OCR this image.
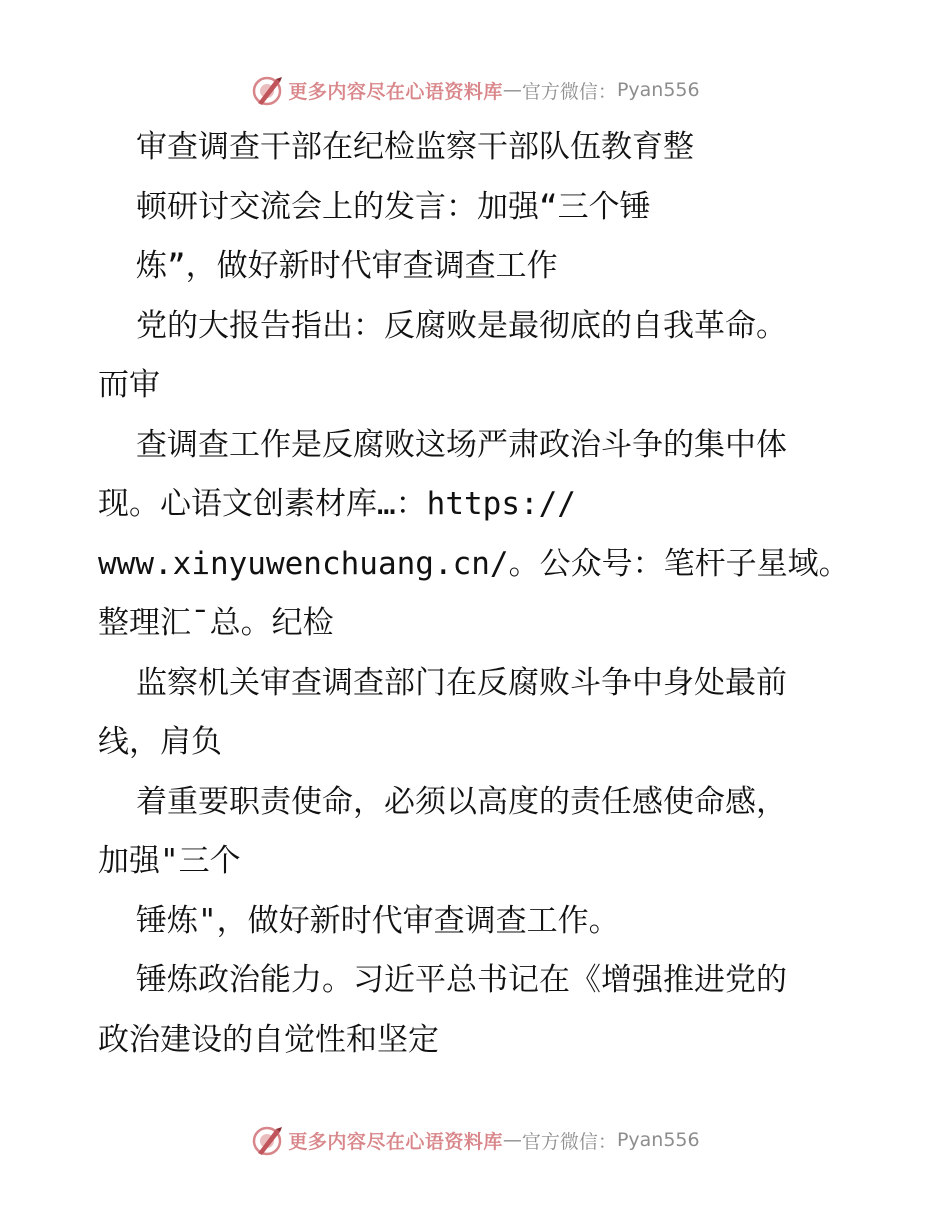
更多内容尽在心语资料库 — 官方微信： Pyan556
审查调查干部在纪检监察干部队伍教育整
顿研讨交流会上的发言：加强“三个锤
炼”，做好新时代审查调查工作
党的大报告指出：反腐败是最彻底的自我革命。
而审
查调查工作是反腐败这场严肃政治斗争的集中体
现。心语文创素材库…：https://
www.xinyuwenchuang.cn/。公众号：笔杆子星域。
整理汇¯总。纪检
监察机关审查调查部门在反腐败斗争中身处最前
线，肩负
着重要职责使命，必须以高度的责任感使命感，
加强"三个
锤炼"，做好新时代审查调查工作。
锤炼政治能力。习近平总书记在《增强推进党的
政治建设的自觉性和坚定
更多内容尽在心语资料库 — 官方微信： Pyan556
